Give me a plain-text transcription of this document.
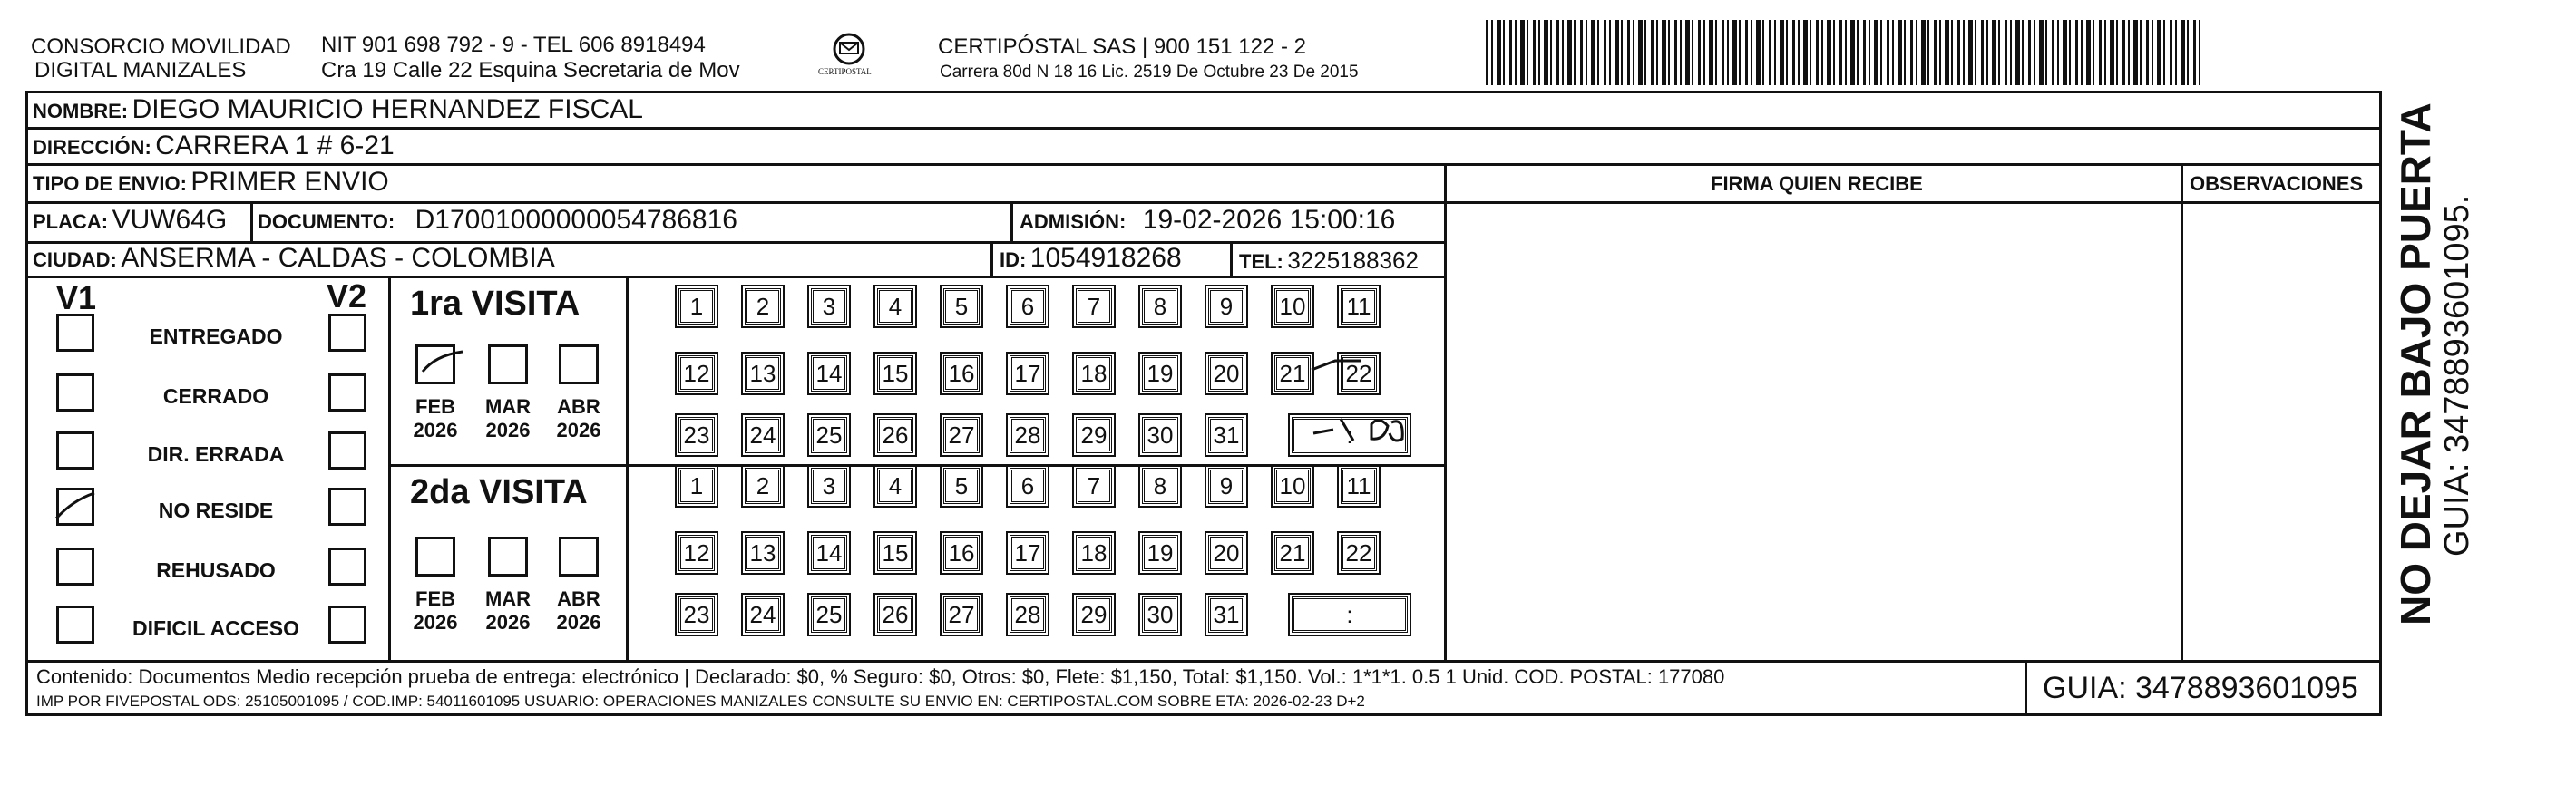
CONSORCIO MOVILIDAD
DIGITAL MANIZALES
NIT 901 698 792 - 9 - TEL 606 8918494
Cra 19 Calle 22 Esquina Secretaria de Mov	CERTIPOSTAL
CERTIPÓSTAL SAS | 900 151 122 - 2
Carrera 80d N 18 16 Lic. 2519 De Octubre 23 De 2015
NOMBRE: DIEGO MAURICIO HERNANDEZ FISCAL
DIRECCIÓN: CARRERA 1 # 6-21
TIPO DE ENVIO: PRIMER ENVIO
PLACA: VUW64G DOCUMENTO: D17001000000054786816	ADMISIÓN: 19-02-2026 15:00:16
CIUDAD: ANSERMA - CALDAS - COLOMBIA	ID: 1054918268	TEL: 3225188362
FIRMA QUIEN RECIBE	OBSERVACIONES
V1	V2
ENTREGADO
CERRADO
DIR. ERRADA
NO RESIDE
REHUSADO
DIFICIL ACCESO
1ra VISITA
2da VISITA
FEB
2026
MAR
2026
ABR
2026
FEB
2026
MAR
2026
ABR
2026
1	2	3	4	5	6	7	8	9	10 11
12 13 14 15 16 17 18 19 20 21 22
23 24 25 26 27 28 29 30 31	:
1	2	3	4	5	6	7	8	9	10 11
12 13 14 15 16 17 18 19 20 21 22
23 24 25 26 27 28 29 30 31	:
Contenido: Documentos Medio recepción prueba de entrega: electrónico | Declarado: $0, % Seguro: $0, Otros: $0, Flete: $1,150, Total: $1,150. Vol.: 1*1*1. 0.5 1 Unid. COD. POSTAL: 177080
IMP POR FIVEPOSTAL ODS: 25105001095 / COD.IMP: 54011601095 USUARIO: OPERACIONES MANIZALES CONSULTE SU ENVIO EN: CERTIPOSTAL.COM SOBRE ETA: 2026-02-23 D+2	GUIA: 3478893601095
NO DEJAR BAJO PUERTA GUIA: 3478893601095.
